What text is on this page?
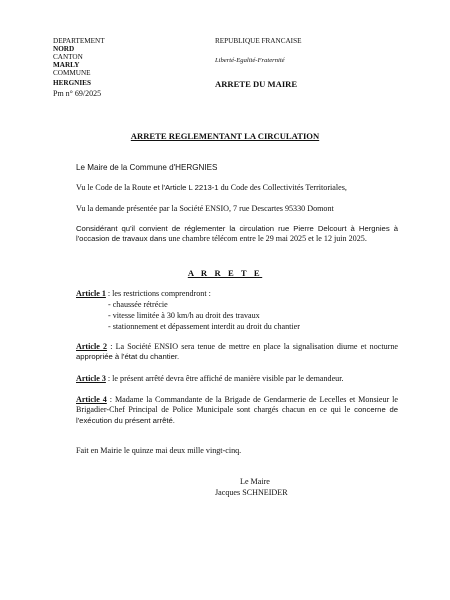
DEPARTEMENT
NORD
CANTON
MARLY
COMMUNE
HERGNIES
Pm n° 69/2025
REPUBLIQUE FRANCAISE
Liberté-Egalité-Fraternité
ARRETE DU MAIRE
ARRETE REGLEMENTANT LA CIRCULATION
Le Maire de la Commune d'HERGNIES
Vu le Code de la Route et l'Article L 2213-1 du Code des Collectivités Territoriales,
Vu la demande présentée par la Société ENSIO, 7 rue Descartes 95330 Domont
Considérant qu'il convient de réglementer la circulation rue Pierre Delcourt à Hergnies à l'occasion de travaux dans une chambre télécom entre le 29 mai 2025 et le 12 juin 2025.
A R R E T E
Article 1 : les restrictions comprendront :
- chaussée rétrécie
- vitesse limitée à 30 km/h au droit des travaux
- stationnement et dépassement interdit au droit du chantier
Article 2 : La Société ENSIO sera tenue de mettre en place la signalisation diurne et nocturne appropriée à l'état du chantier.
Article 3 : le présent arrêté devra être affiché de manière visible par le demandeur.
Article 4 : Madame la Commandante de la Brigade de Gendarmerie de Lecelles et Monsieur le Brigadier-Chef Principal de Police Municipale sont chargés chacun en ce qui le concerne de l'exécution du présent arrêté.
Fait en Mairie le quinze mai deux mille vingt-cinq.
Le Maire
Jacques SCHNEIDER
